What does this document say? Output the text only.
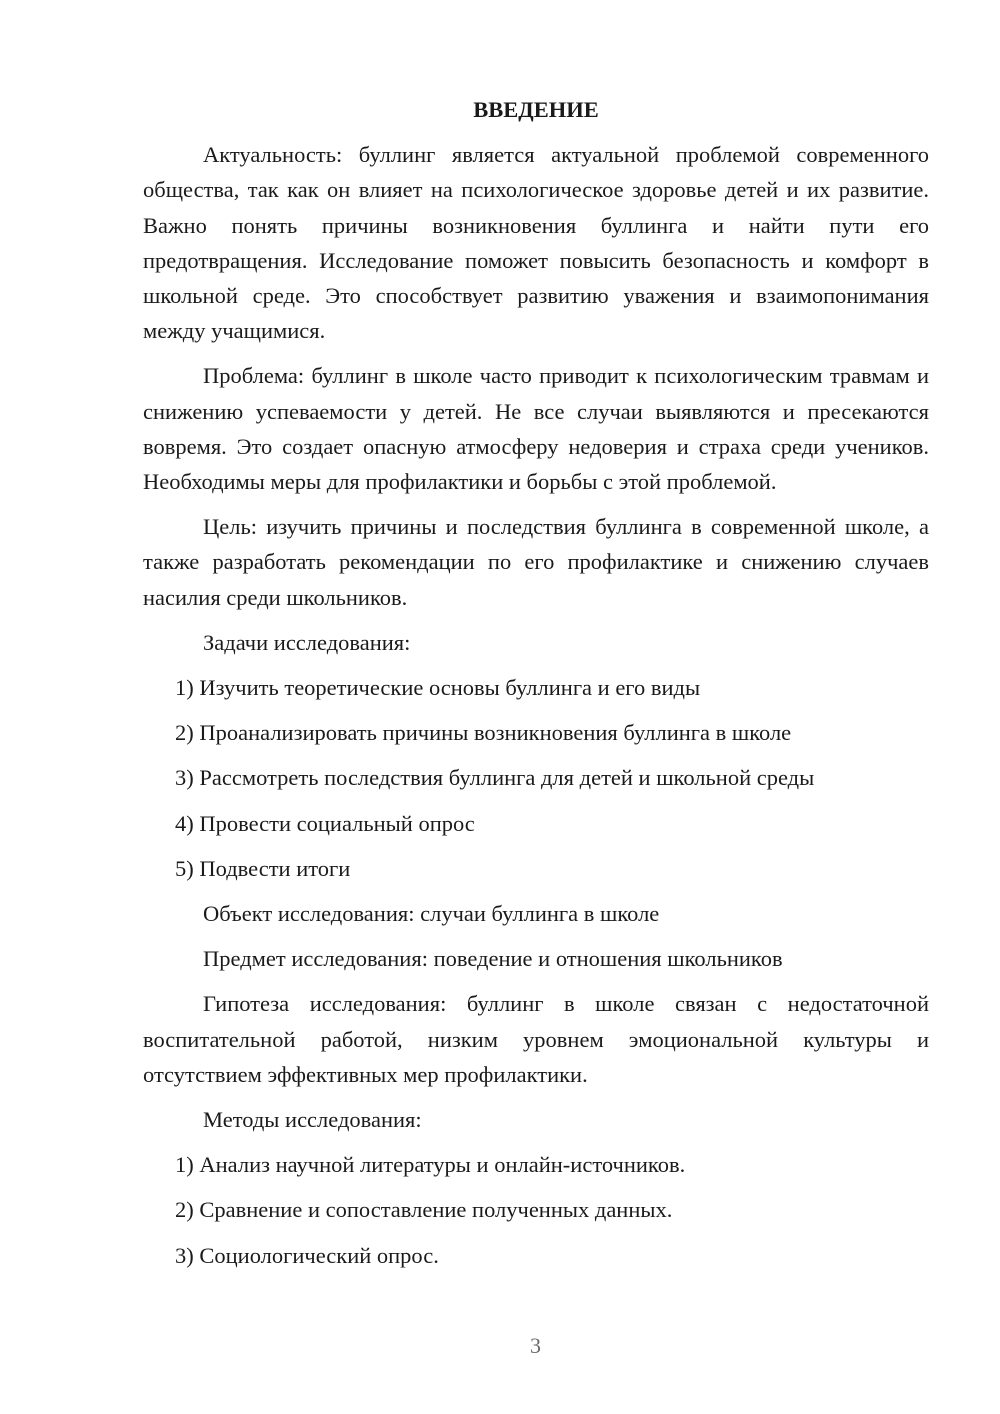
ВВЕДЕНИЕ
Актуальность: буллинг является актуальной проблемой современного общества, так как он влияет на психологическое здоровье детей и их развитие. Важно понять причины возникновения буллинга и найти пути его предотвращения. Исследование поможет повысить безопасность и комфорт в школьной среде. Это способствует развитию уважения и взаимопонимания между учащимися.
Проблема: буллинг в школе часто приводит к психологическим травмам и снижению успеваемости у детей. Не все случаи выявляются и пресекаются вовремя. Это создает опасную атмосферу недоверия и страха среди учеников. Необходимы меры для профилактики и борьбы с этой проблемой.
Цель: изучить причины и последствия буллинга в современной школе, а также разработать рекомендации по его профилактике и снижению случаев насилия среди школьников.
Задачи исследования:
1) Изучить теоретические основы буллинга и его виды
2) Проанализировать причины возникновения буллинга в школе
3) Рассмотреть последствия буллинга для детей и школьной среды
4) Провести социальный опрос
5) Подвести итоги
Объект исследования: случаи буллинга в школе
Предмет исследования: поведение и отношения школьников
Гипотеза исследования: буллинг в школе связан с недостаточной воспитательной работой, низким уровнем эмоциональной культуры и отсутствием эффективных мер профилактики.
Методы исследования:
1) Анализ научной литературы и онлайн-источников.
2) Сравнение и сопоставление полученных данных.
3) Социологический опрос.
3
